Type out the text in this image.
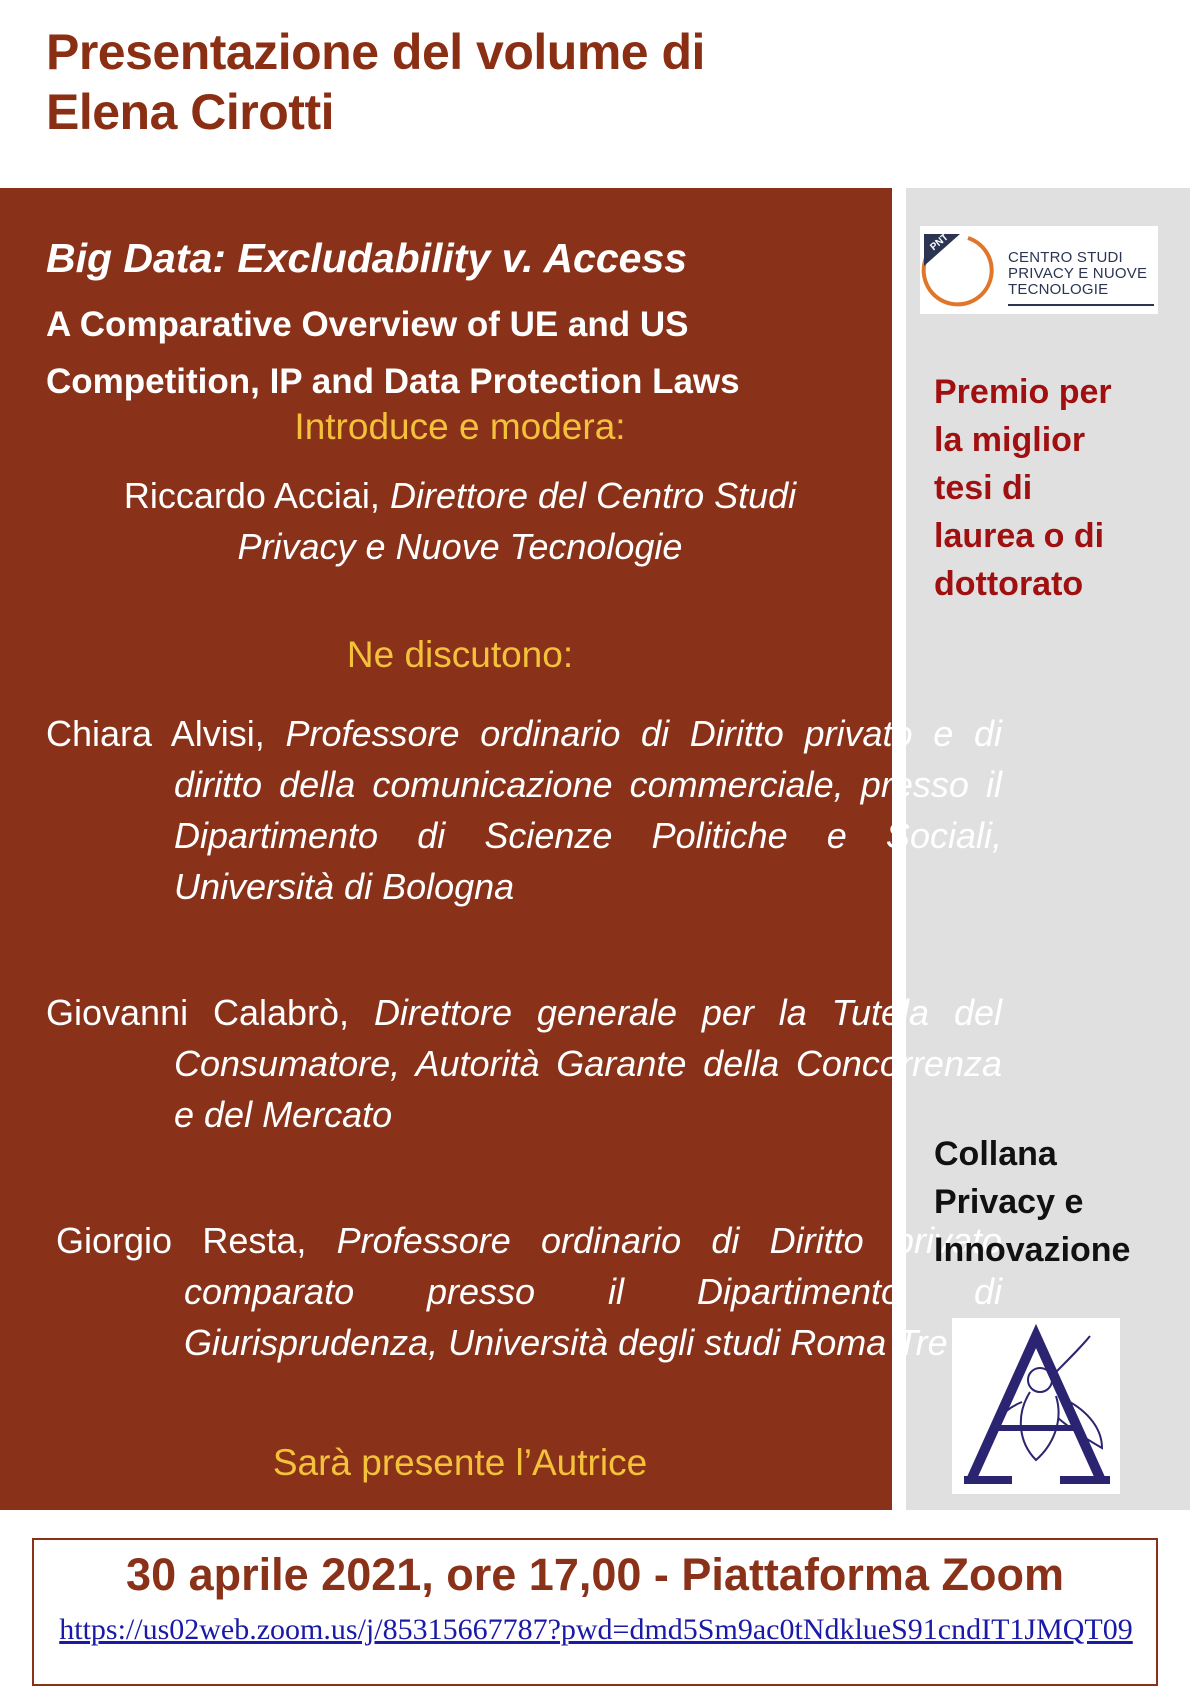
Presentazione del volume di
Elena Cirotti
Big Data: Excludability v. Access
A Comparative Overview of UE and US
Competition, IP and Data Protection Laws
Introduce e modera:
Riccardo Acciai, Direttore del Centro Studi
Privacy e Nuove Tecnologie
Ne discutono:
Chiara Alvisi, Professore ordinario di Diritto privato e di diritto della comunicazione commerciale, presso il Dipartimento di Scienze Politiche e Sociali, Università di Bologna
Giovanni Calabrò, Direttore generale per la Tutela del Consumatore, Autorità Garante della Concorrenza e del Mercato
Giorgio Resta, Professore ordinario di Diritto privato comparato presso il Dipartimento di Giurisprudenza, Università degli studi Roma Tre
Sarà presente l’Autrice
PNT
CENTRO STUDI
PRIVACY E NUOVE
TECNOLOGIE
Premio per
la miglior
tesi di
laurea o di
dottorato
Collana
Privacy e
Innovazione
30 aprile 2021, ore 17,00 - Piattaforma Zoom
https://us02web.zoom.us/j/85315667787?pwd=dmd5Sm9ac0tNdklueS91cndIT1JMQT09
